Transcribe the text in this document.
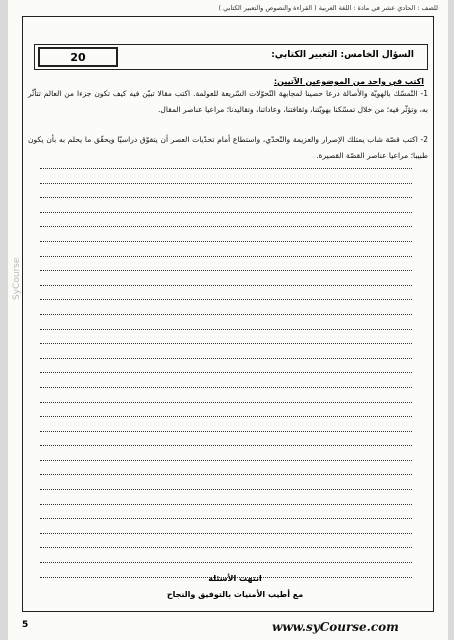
للصف : الحادي عشر في مادة : اللغة العربية ( القراءة والنصوص والتعبير الكتابي )
20	السؤال الخامس: التعبير الكتابي:
اكتب في واحد من الموضوعين الآتيين:
1- التّمسّك بالهويّة والأصالة درعا حصينا لمجابهة التّحوّلات السّريعة للعولمة. اكتب مقالا تبيّن فيه كيف تكون جزءا من العالم تتأثّر به، وتؤثّر فيه؛ من خلال تمسّكنا بهويّتنا، وثقافتنا، وعاداتنا، وتقاليدنا؛ مراعيا عناصر المقال.
2- اكتب قصّة شاب يمتلك الإصرار والعزيمة والتّحدّي، واستطاع أمام تحدّيات العصر أن يتفوّق دراسيّا ويحقّق ما يحلم به بأن يكون طبيبا؛ مراعيا عناصر القصّة القصيرة.
SyCourse
انتهت الأسئلة
مع أطيب الأمنيات بالتوفيق والنجاح
5	www.syCourse.com
